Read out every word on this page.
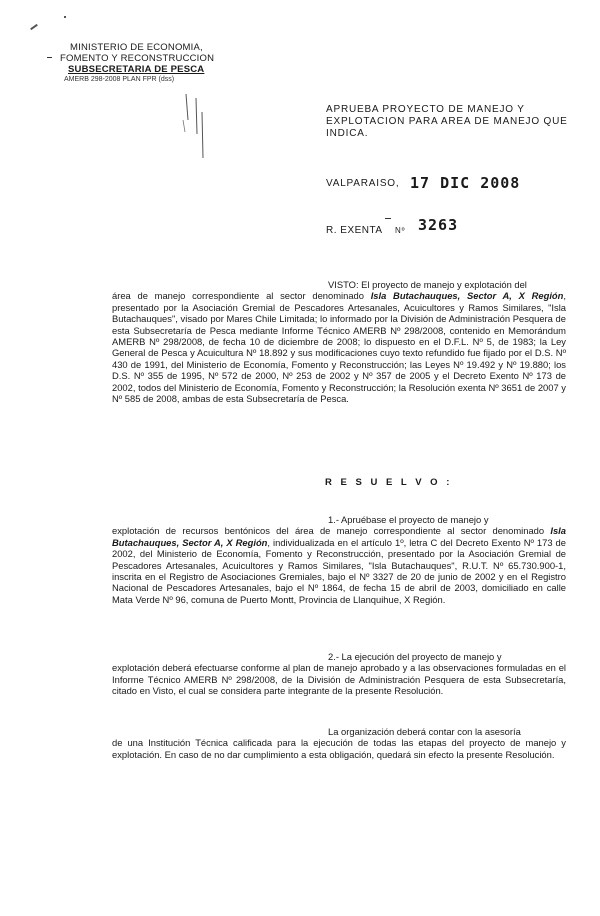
MINISTERIO DE ECONOMIA,
FOMENTO Y RECONSTRUCCION
SUBSECRETARIA DE PESCA
AMERB 298-2008 PLAN FPR (dss)
APRUEBA PROYECTO DE MANEJO Y
EXPLOTACION PARA AREA DE MANEJO QUE
INDICA.
VALPARAISO, 17 DIC 2008
R. EXENTA Nº 3263
VISTO: El proyecto de manejo y explotación del
área de manejo correspondiente al sector denominado Isla Butachauques, Sector A, X Región, presentado por la Asociación Gremial de Pescadores Artesanales, Acuicultores y Ramos Similares, "Isla Butachauques", visado por Mares Chile Limitada; lo informado por la División de Administración Pesquera de esta Subsecretaría de Pesca mediante Informe Técnico AMERB Nº 298/2008, contenido en Memorándum AMERB Nº 298/2008, de fecha 10 de diciembre de 2008; lo dispuesto en el D.F.L. Nº 5, de 1983; la Ley General de Pesca y Acuicultura Nº 18.892 y sus modificaciones cuyo texto refundido fue fijado por el D.S. Nº 430 de 1991, del Ministerio de Economía, Fomento y Reconstrucción; las Leyes Nº 19.492 y Nº 19.880; los D.S. Nº 355 de 1995, Nº 572 de 2000, Nº 253 de 2002 y Nº 357 de 2005 y el Decreto Exento Nº 173 de 2002, todos del Ministerio de Economía, Fomento y Reconstrucción; la Resolución exenta Nº 3651 de 2007 y Nº 585 de 2008, ambas de esta Subsecretaría de Pesca.
R E S U E L V O :
1.- Apruébase el proyecto de manejo y
explotación de recursos bentónicos del área de manejo correspondiente al sector denominado Isla Butachauques, Sector A, X Región, individualizada en el artículo 1º, letra C del Decreto Exento Nº 173 de 2002, del Ministerio de Economía, Fomento y Reconstrucción, presentado por la Asociación Gremial de Pescadores Artesanales, Acuicultores y Ramos Similares, "Isla Butachauques", R.U.T. Nº 65.730.900-1, inscrita en el Registro de Asociaciones Gremiales, bajo el Nº 3327 de 20 de junio de 2002 y en el Registro Nacional de Pescadores Artesanales, bajo el Nº 1864, de fecha 15 de abril de 2003, domiciliado en calle Mata Verde Nº 96, comuna de Puerto Montt, Provincia de Llanquihue, X Región.
2.- La ejecución del proyecto de manejo y
explotación deberá efectuarse conforme al plan de manejo aprobado y a las observaciones formuladas en el Informe Técnico AMERB Nº 298/2008, de la División de Administración Pesquera de esta Subsecretaría, citado en Visto, el cual se considera parte integrante de la presente Resolución.
La organización deberá contar con la asesoría
de una Institución Técnica calificada para la ejecución de todas las etapas del proyecto de manejo y explotación. En caso de no dar cumplimiento a esta obligación, quedará sin efecto la presente Resolución.
